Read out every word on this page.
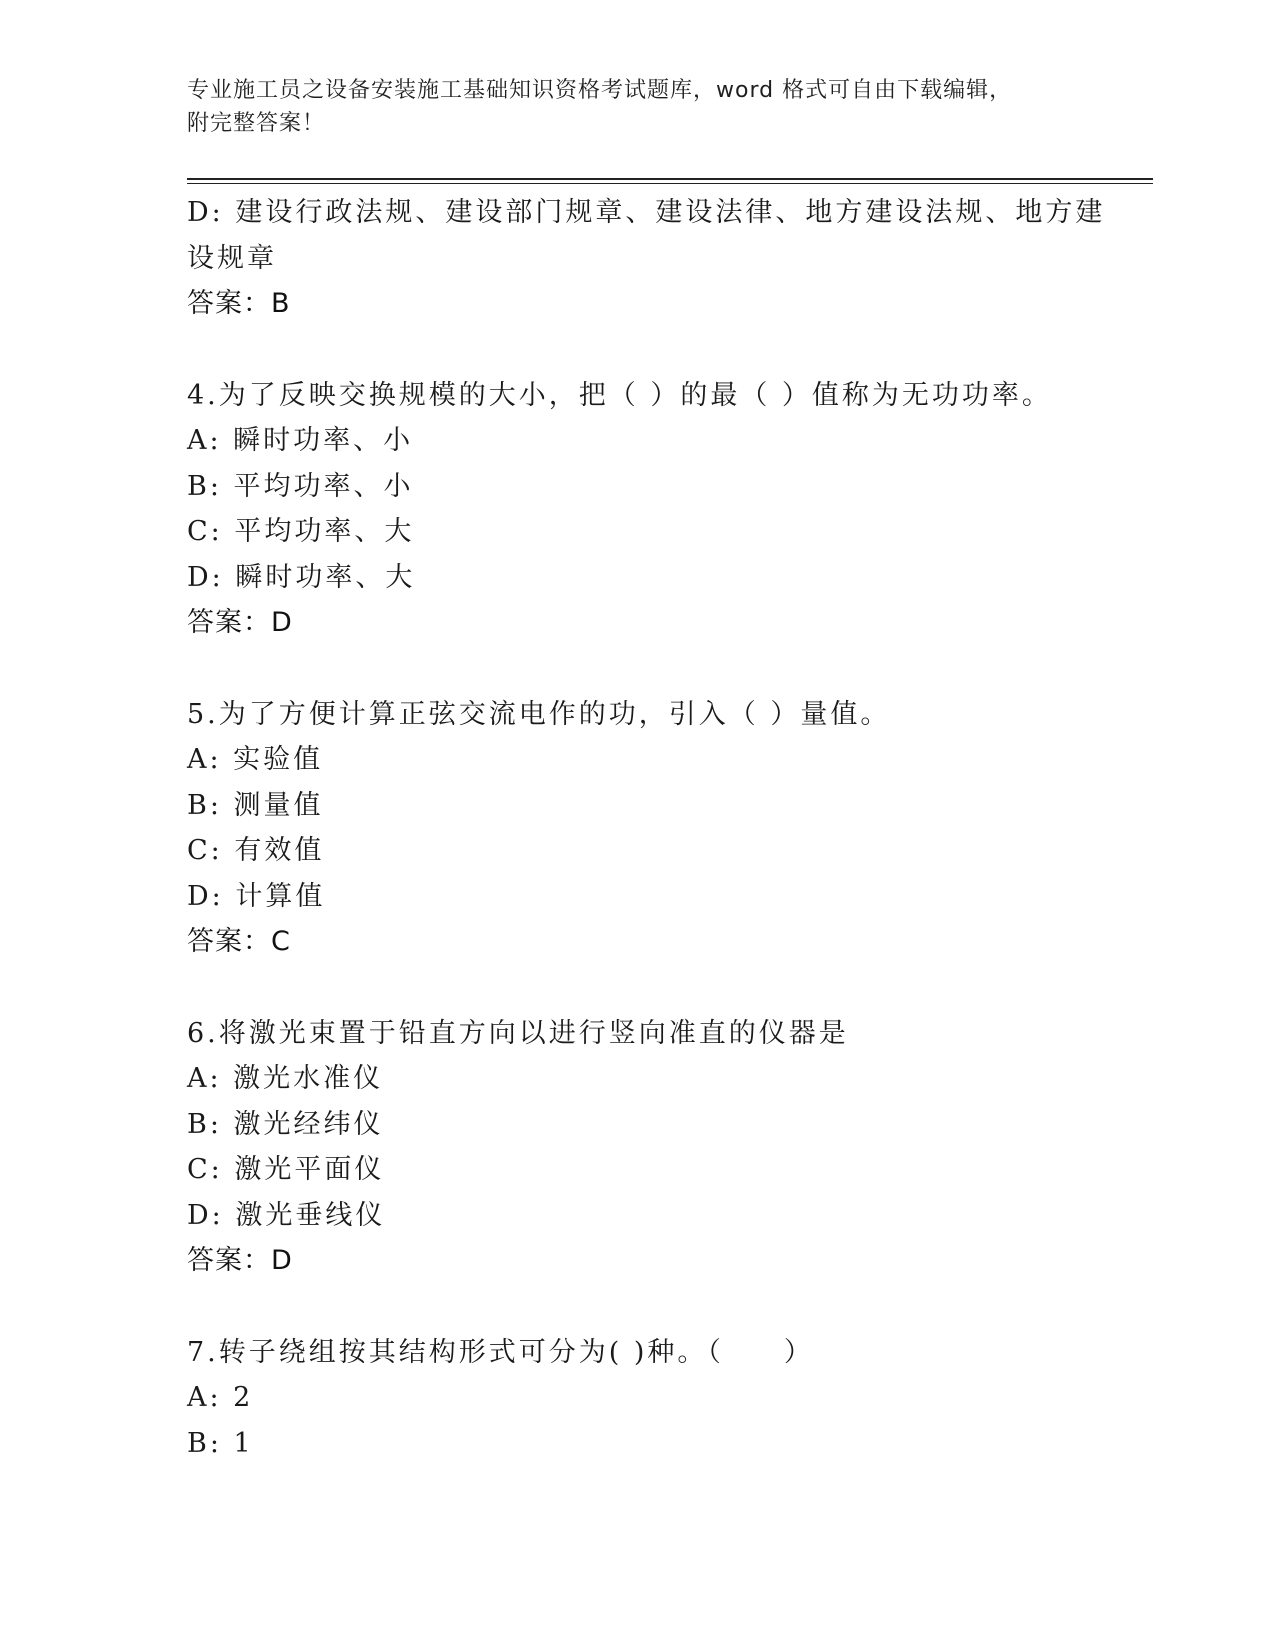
专业施工员之设备安装施工基础知识资格考试题库，word 格式可自由下载编辑，
附完整答案！
D: 建设行政法规、建设部门规章、建设法律、地方建设法规、地方建
设规章
答案：B
4.为了反映交换规模的大小，把（ ）的最（ ）值称为无功功率。
A: 瞬时功率、小
B: 平均功率、小
C: 平均功率、大
D: 瞬时功率、大
答案：D
5.为了方便计算正弦交流电作的功，引入（ ）量值。
A: 实验值
B: 测量值
C: 有效值
D: 计算值
答案：C
6.将激光束置于铅直方向以进行竖向准直的仪器是
A: 激光水准仪
B: 激光经纬仪
C: 激光平面仪
D: 激光垂线仪
答案：D
7.转子绕组按其结构形式可分为( )种。（　　）
A: 2
B: 1
